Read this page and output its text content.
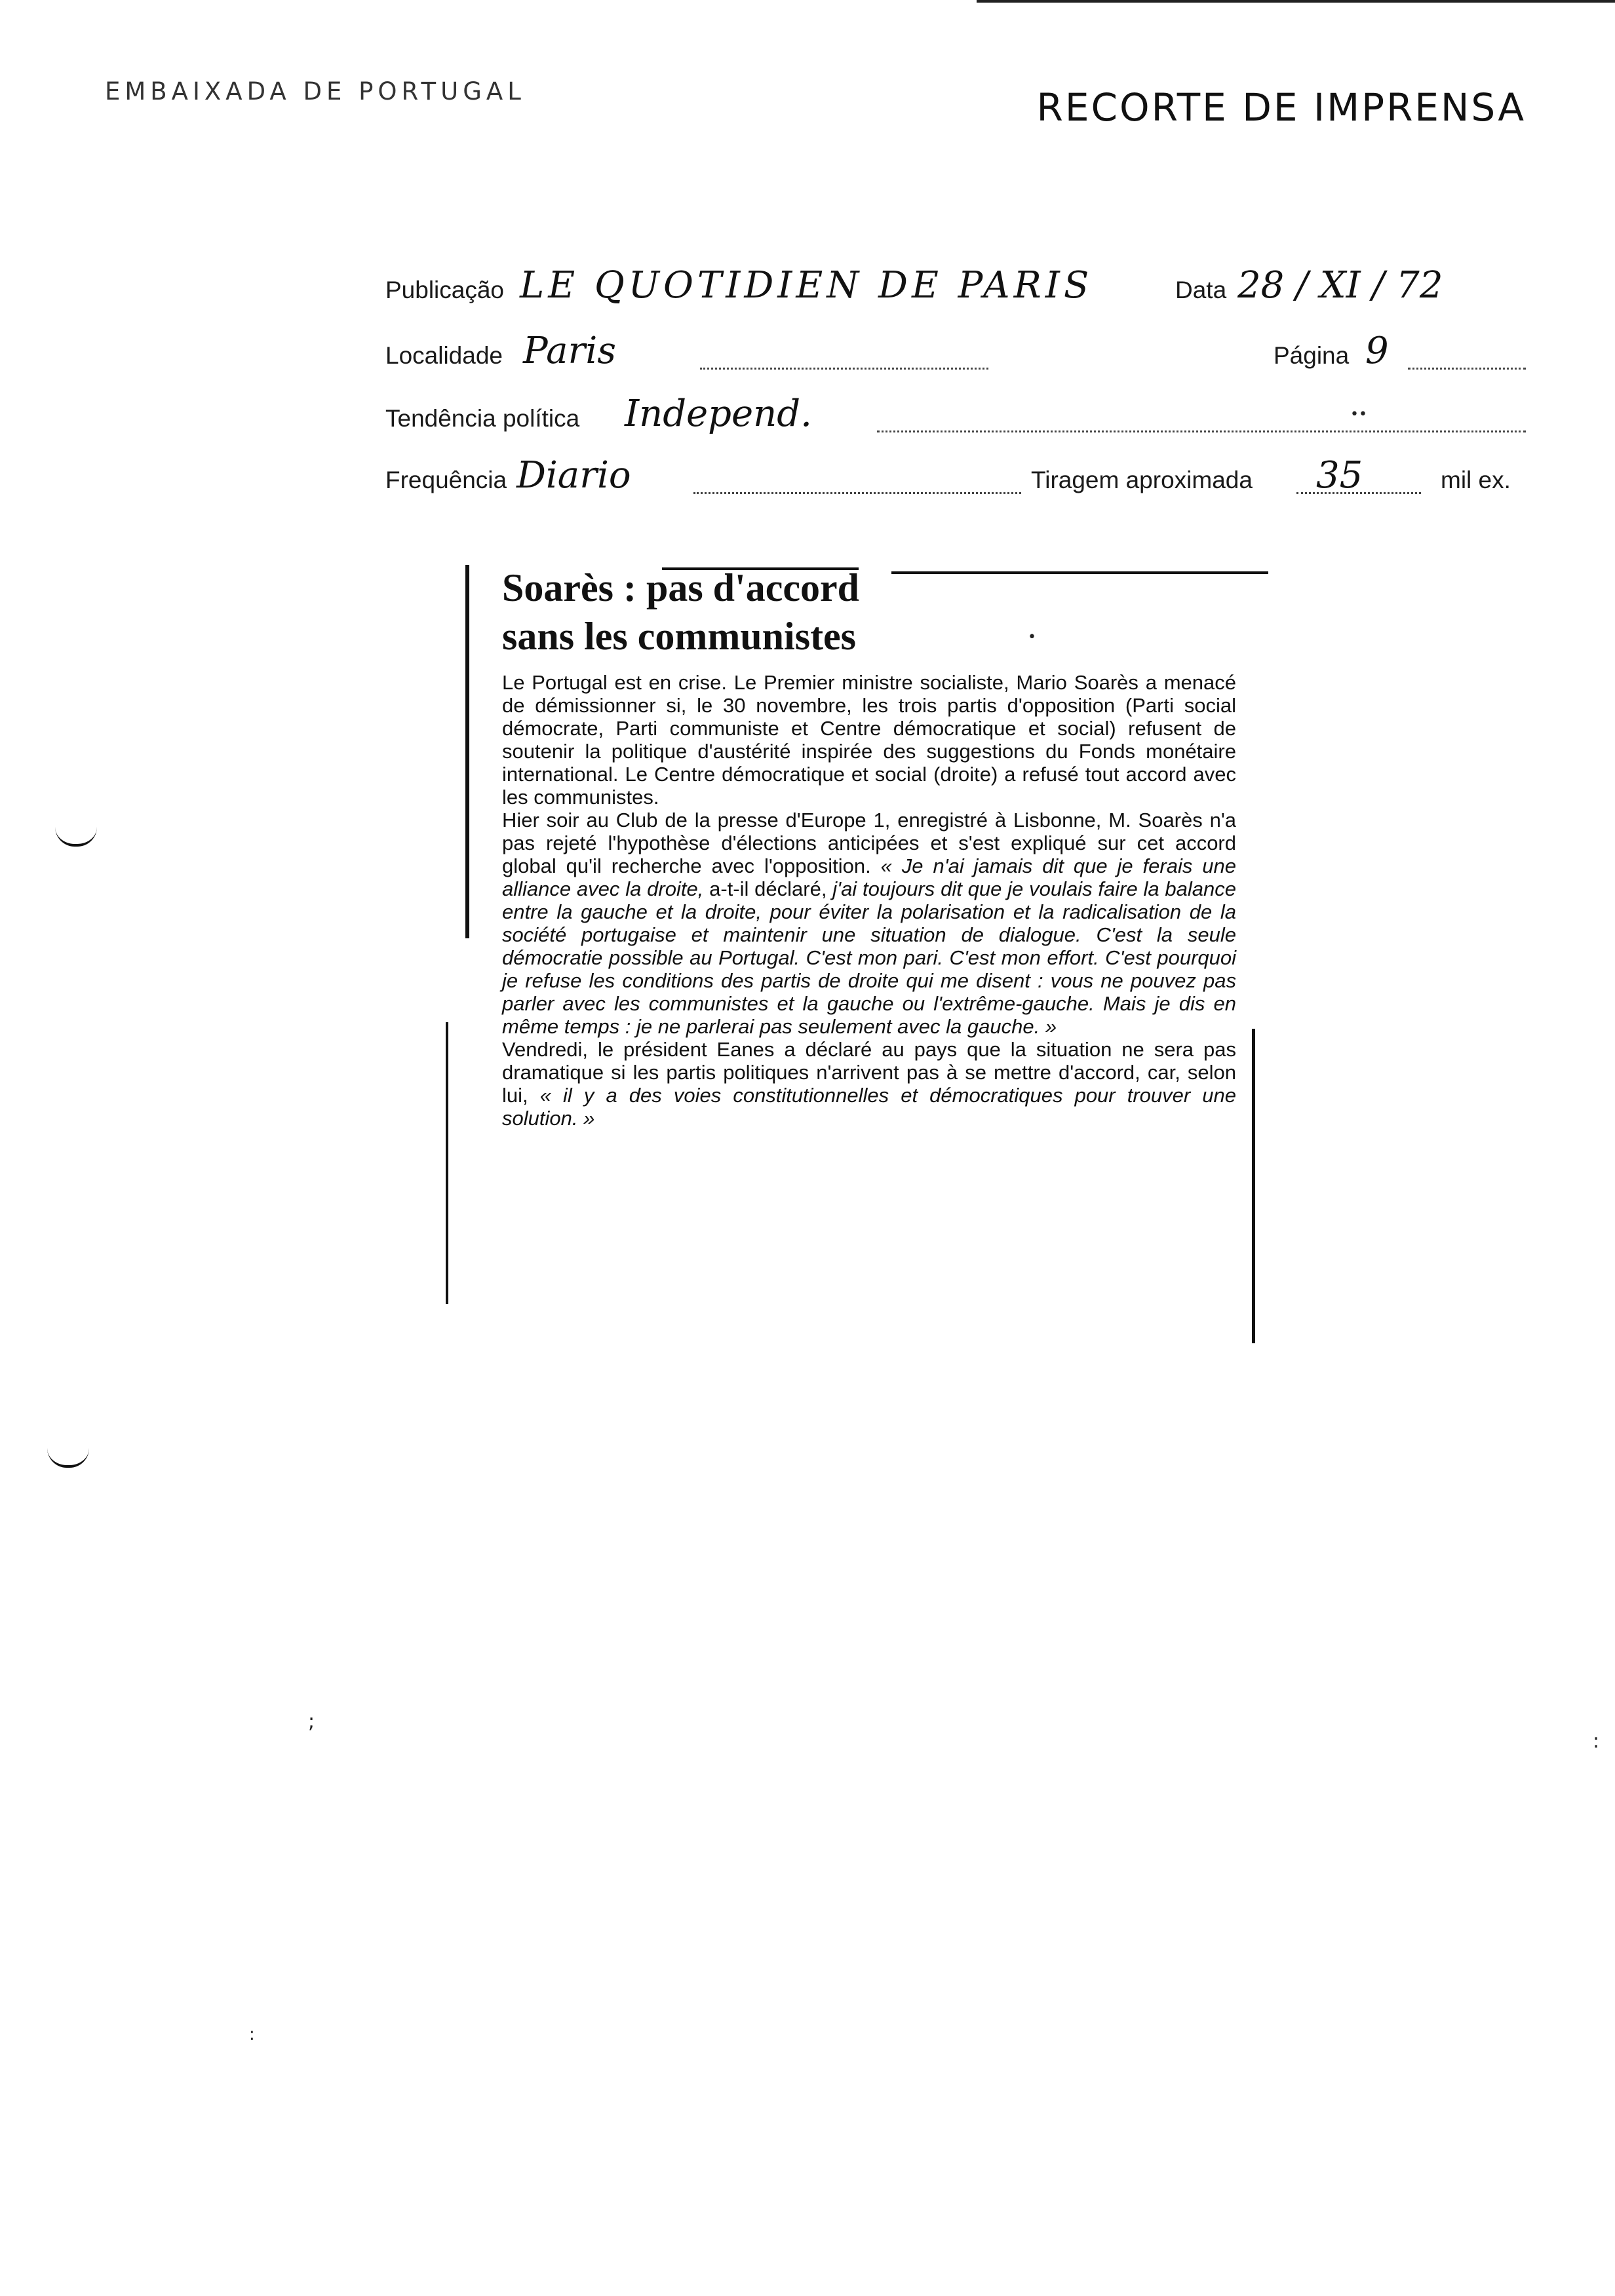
EMBAIXADA DE PORTUGAL	RECORTE DE IMPRENSA
Publicação LE QUOTIDIEN DE PARIS	Data 28 / XI / 72
Localidade Paris	Página 9
Tendência política Independ.
Frequência Diario	Tiragem aproximada 35	mil ex.
Soarès : pas d'accord
sans les communistes

Le Portugal est en crise. Le Premier ministre socialiste, Mario Soarès a menacé de démissionner si, le 30 novembre, les trois partis d'opposition (Parti social démocrate, Parti communiste et Centre démocratique et social) refusent de soutenir la politique d'austérité inspirée des suggestions du Fonds monétaire international. Le Centre démocratique et social (droite) a refusé tout accord avec les communistes.

Hier soir au Club de la presse d'Europe 1, enregistré à Lisbonne, M. Soarès n'a pas rejeté l'hypothèse d'élections anticipées et s'est expliqué sur cet accord global qu'il recherche avec l'opposition. « Je n'ai jamais dit que je ferais une alliance avec la droite, a-t-il déclaré, j'ai toujours dit que je voulais faire la balance entre la gauche et la droite, pour éviter la polarisation et la radicalisation de la société portugaise et maintenir une situation de dialogue. C'est la seule démocratie possible au Portugal. C'est mon pari. C'est mon effort. C'est pourquoi je refuse les conditions des partis de droite qui me disent : vous ne pouvez pas parler avec les communistes et la gauche ou l'extrême-gauche. Mais je dis en même temps : je ne parlerai pas seulement avec la gauche. »

Vendredi, le président Eanes a déclaré au pays que la situation ne sera pas dramatique si les partis politiques n'arrivent pas à se mettre d'accord, car, selon lui, « il y a des voies constitutionnelles et démocratiques pour trouver une solution. »

•
••
;
:
:
